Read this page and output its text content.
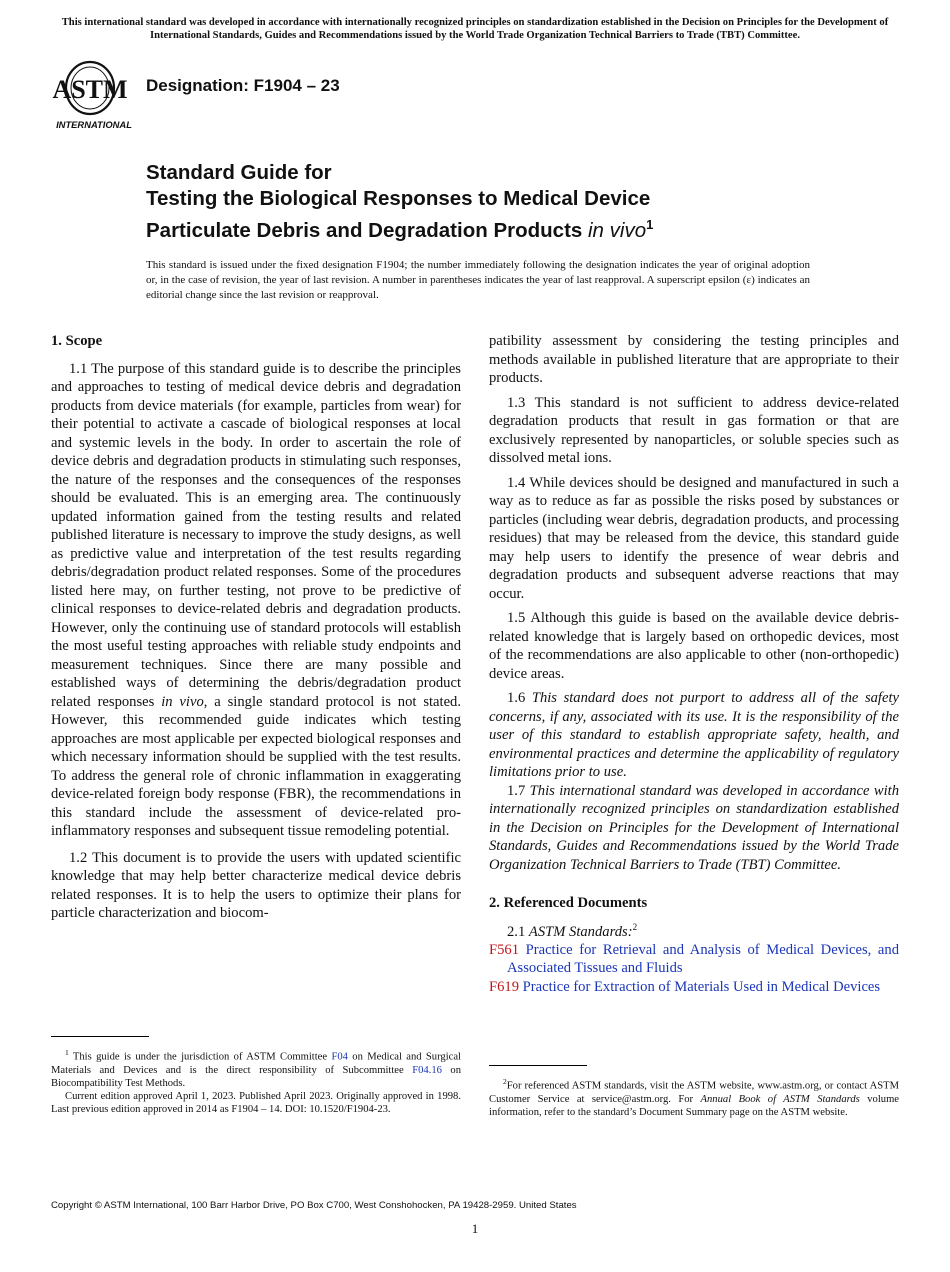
This international standard was developed in accordance with internationally recognized principles on standardization established in the Decision on Principles for the Development of International Standards, Guides and Recommendations issued by the World Trade Organization Technical Barriers to Trade (TBT) Committee.
ASTM
INTERNATIONAL
Designation: F1904 – 23
Standard Guide for
Testing the Biological Responses to Medical Device
Particulate Debris and Degradation Products in vivo$^1$
This standard is issued under the fixed designation F1904; the number immediately following the designation indicates the year of original adoption or, in the case of revision, the year of last revision. A number in parentheses indicates the year of last reapproval. A superscript epsilon (ε) indicates an editorial change since the last revision or reapproval.
1. Scope

1.1 The purpose of this standard guide is to describe the principles and approaches to testing of medical device debris and degradation products from device materials (for example, particles from wear) for their potential to activate a cascade of biological responses at local and systemic levels in the body. In order to ascertain the role of device debris and degradation products in stimulating such responses, the nature of the responses and the consequences of the responses should be evaluated. This is an emerging area. The continuously updated information gained from the testing results and related published literature is necessary to improve the study designs, as well as predictive value and interpretation of the test results regarding debris/degradation product related responses. Some of the procedures listed here may, on further testing, not prove to be predictive of clinical responses to device-related debris and degradation products. However, only the continuing use of standard protocols will establish the most useful testing approaches with reliable study endpoints and measurement techniques. Since there are many possible and established ways of determining the debris/degradation product related responses in vivo, a single standard protocol is not stated. However, this recommended guide indicates which testing approaches are most applicable per expected biological responses and which necessary information should be supplied with the test results. To address the general role of chronic inflammation in exaggerating device-related foreign body response (FBR), the recommendations in this standard include the assessment of device-related pro-inflammatory responses and subsequent tissue remodeling potential.

1.2 This document is to provide the users with updated scientific knowledge that may help better characterize medical device debris related responses. It is to help the users to optimize their plans for particle characterization and biocom-

patibility assessment by considering the testing principles and methods available in published literature that are appropriate to their products.

1.3 This standard is not sufficient to address device-related degradation products that result in gas formation or that are exclusively represented by nanoparticles, or soluble species such as dissolved metal ions.

1.4 While devices should be designed and manufactured in such a way as to reduce as far as possible the risks posed by substances or particles (including wear debris, degradation products, and processing residues) that may be released from the device, this standard guide may help users to identify the presence of wear debris and degradation products and subsequent adverse reactions that may occur.

1.5 Although this guide is based on the available device debris-related knowledge that is largely based on orthopedic devices, most of the recommendations are also applicable to other (non-orthopedic) device areas.

1.6 This standard does not purport to address all of the safety concerns, if any, associated with its use. It is the responsibility of the user of this standard to establish appropriate safety, health, and environmental practices and determine the applicability of regulatory limitations prior to use.

1.7 This international standard was developed in accordance with internationally recognized principles on standardization established in the Decision on Principles for the Development of International Standards, Guides and Recommendations issued by the World Trade Organization Technical Barriers to Trade (TBT) Committee.

2. Referenced Documents

2.1 ASTM Standards:$^2$

F561 Practice for Retrieval and Analysis of Medical Devices, and Associated Tissues and Fluids

F619 Practice for Extraction of Materials Used in Medical Devices

$^1$ This guide is under the jurisdiction of ASTM Committee F04 on Medical and Surgical Materials and Devices and is the direct responsibility of Subcommittee F04.16 on Biocompatibility Test Methods.

Current edition approved April 1, 2023. Published April 2023. Originally approved in 1998. Last previous edition approved in 2014 as F1904 – 14. DOI: 10.1520/F1904-23.

$^2$For referenced ASTM standards, visit the ASTM website, www.astm.org, or contact ASTM Customer Service at service@astm.org. For Annual Book of ASTM Standards volume information, refer to the standard’s Document Summary page on the ASTM website.

Copyright © ASTM International, 100 Barr Harbor Drive, PO Box C700, West Conshohocken, PA 19428-2959. United States
1
